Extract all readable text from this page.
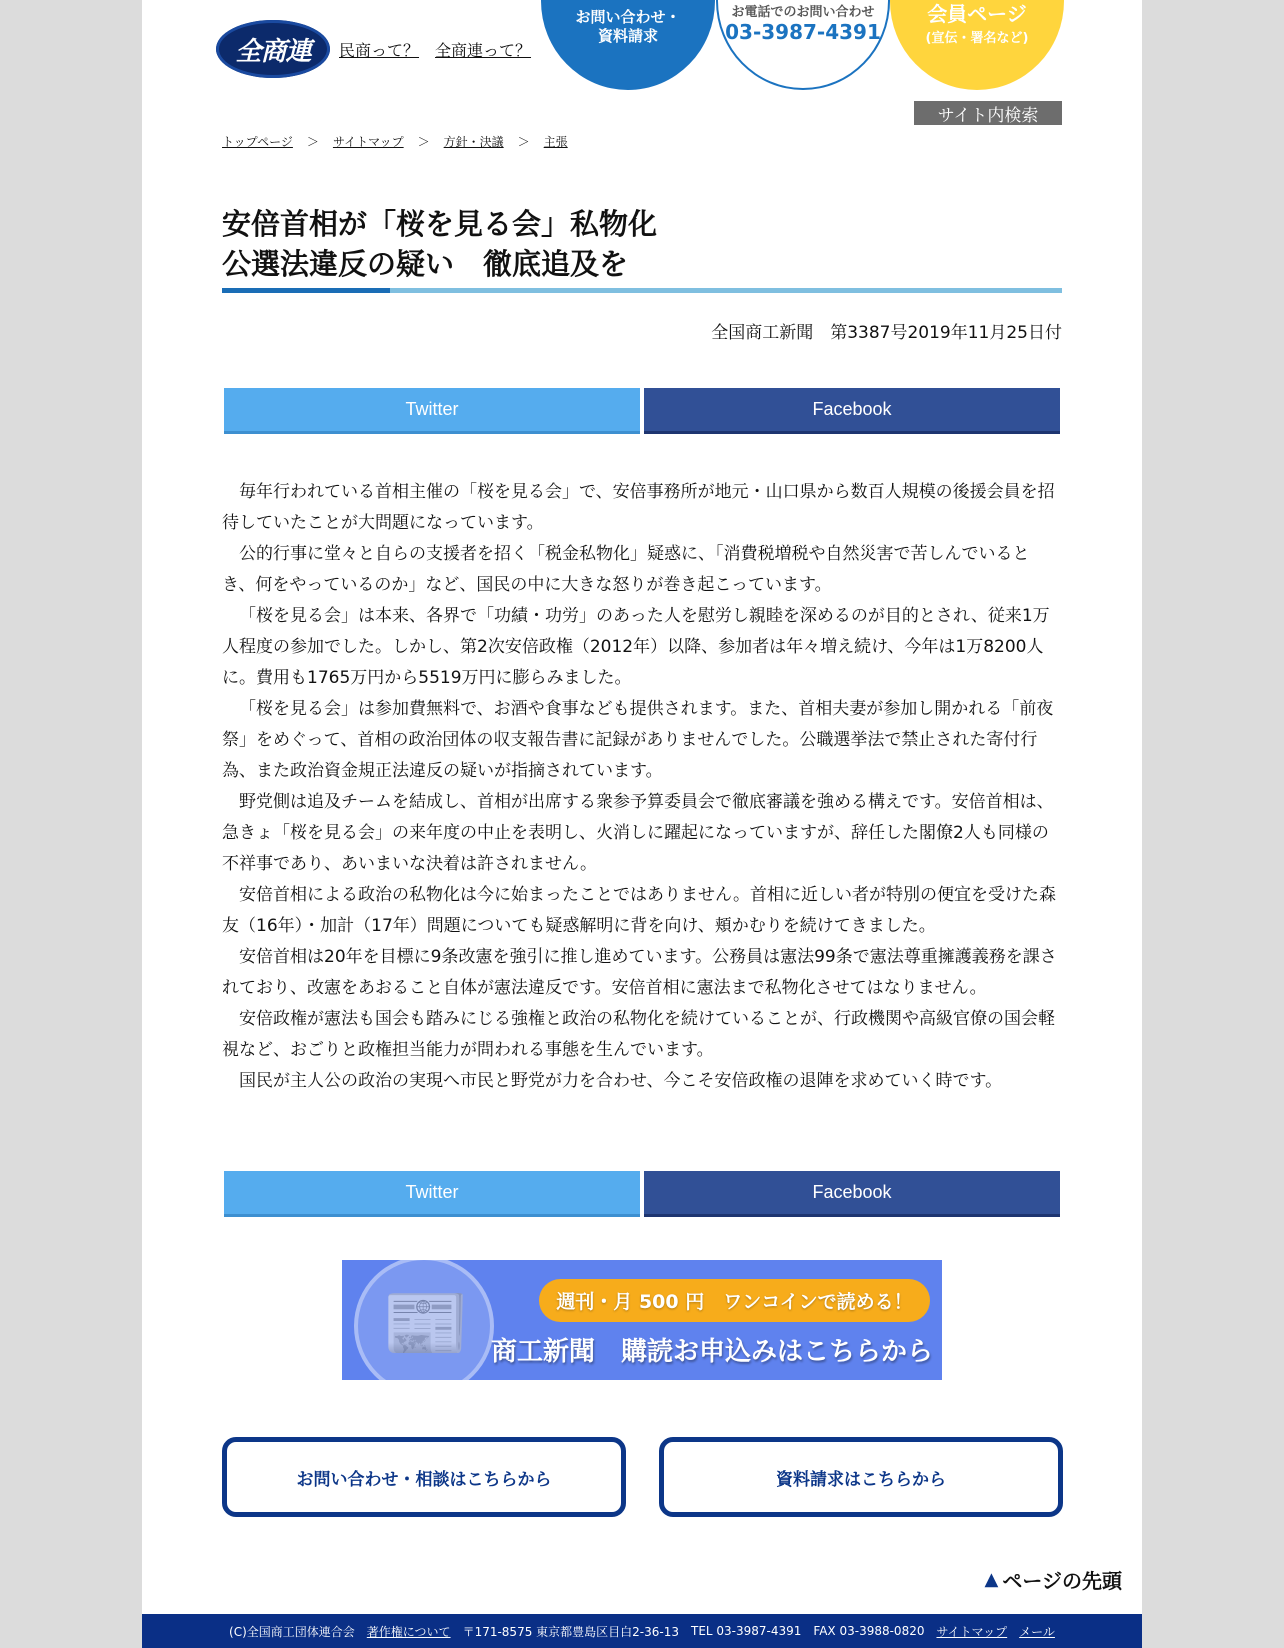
全商連	民商って？ 全商連って？
お問い合わせ・
資料請求
お電話でのお問い合わせ
03-3987-4391
会員ページ
(宣伝・署名など)
サイト内検索
トップページ ＞ サイトマップ ＞ 方針・決議 ＞ 主張
安倍首相が「桜を見る会」私物化
公選法違反の疑い　徹底追及を
全国商工新聞　第3387号2019年11月25日付
Twitter	Facebook

毎年行われている首相主催の「桜を見る会」で、安倍事務所が地元・山口県から数百人規模の後援会員を招待していたことが大問題になっています。

公的行事に堂々と自らの支援者を招く「税金私物化」疑惑に、「消費税増税や自然災害で苦しんでいるとき、何をやっているのか」など、国民の中に大きな怒りが巻き起こっています。

「桜を見る会」は本来、各界で「功績・功労」のあった人を慰労し親睦を深めるのが目的とされ、従来1万人程度の参加でした。しかし、第2次安倍政権（2012年）以降、参加者は年々増え続け、今年は1万8200人に。費用も1765万円から5519万円に膨らみました。

「桜を見る会」は参加費無料で、お酒や食事なども提供されます。また、首相夫妻が参加し開かれる「前夜祭」をめぐって、首相の政治団体の収支報告書に記録がありませんでした。公職選挙法で禁止された寄付行為、また政治資金規正法違反の疑いが指摘されています。

野党側は追及チームを結成し、首相が出席する衆参予算委員会で徹底審議を強める構えです。安倍首相は、急きょ「桜を見る会」の来年度の中止を表明し、火消しに躍起になっていますが、辞任した閣僚2人も同様の不祥事であり、あいまいな決着は許されません。

安倍首相による政治の私物化は今に始まったことではありません。首相に近しい者が特別の便宜を受けた森友（16年）・加計（17年）問題についても疑惑解明に背を向け、頬かむりを続けてきました。

安倍首相は20年を目標に9条改憲を強引に推し進めています。公務員は憲法99条で憲法尊重擁護義務を課されており、改憲をあおること自体が憲法違反です。安倍首相に憲法まで私物化させてはなりません。

安倍政権が憲法も国会も踏みにじる強権と政治の私物化を続けていることが、行政機関や高級官僚の国会軽視など、おごりと政権担当能力が問われる事態を生んでいます。

国民が主人公の政治の実現へ市民と野党が力を合わせ、今こそ安倍政権の退陣を求めていく時です。

Twitter	Facebook
📰	週刊・月 500 円　ワンコインで読める！
商工新聞　購読お申込みはこちらから
お問い合わせ・相談はこちらから	資料請求はこちらから
▲ ページの先頭
(C)全国商工団体連合会 著作権について 〒171-8575 東京都豊島区目白2-36-13 TEL 03-3987-4391 FAX 03-3988-0820 サイトマップ メール
